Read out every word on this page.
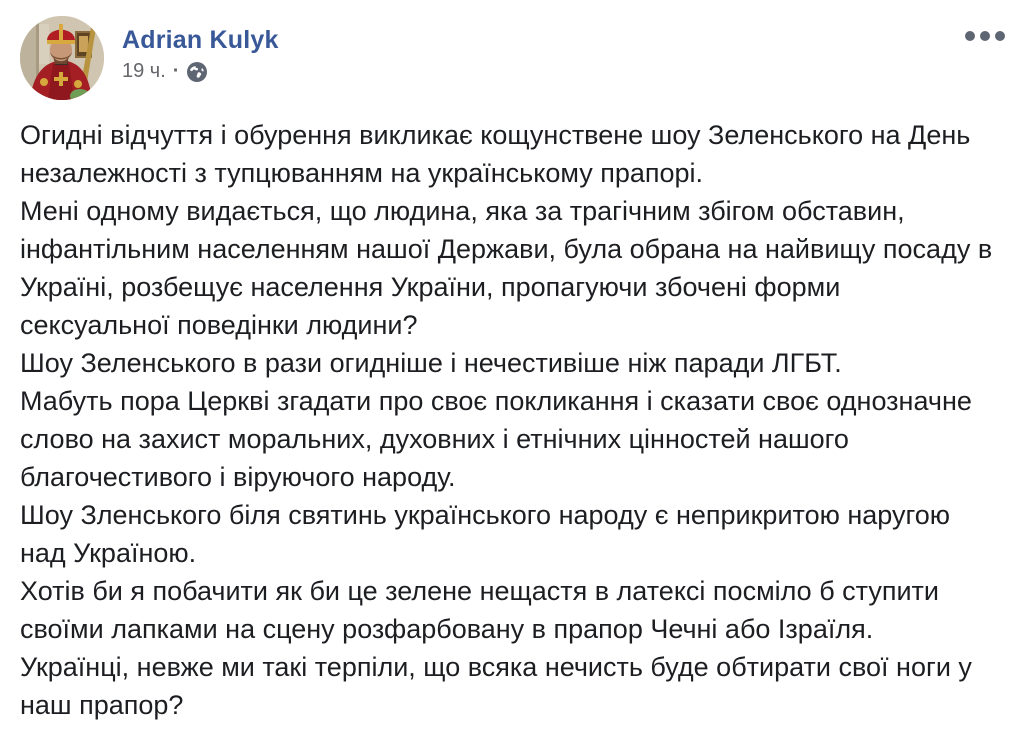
Adrian Kulyk
19 ч. ·
Огидні відчуття і обурення викликає кощунствене шоу Зеленського на День
незалежності з тупцюванням на українському прапорі.
Мені одному видається, що людина, яка за трагічним збігом обставин,
інфантільним населенням нашої Держави, була обрана на найвищу посаду в
Україні, розбещує населення України, пропагуючи збочені форми
сексуальної поведінки людини?
Шоу Зеленського в рази огидніше і нечестивіше ніж паради ЛГБТ.
Мабуть пора Церкві згадати про своє покликання і сказати своє однозначне
слово на захист моральних, духовних і етнічних цінностей нашого
благочестивого і віруючого народу.
Шоу Зленського біля святинь українського народу є неприкритою наругою
над Україною.
Хотів би я побачити як би це зелене нещастя в латексі посміло б ступити
своїми лапками на сцену розфарбовану в прапор Чечні або Ізраїля.
Українці, невже ми такі терпіли, що всяка нечисть буде обтирати свої ноги у
наш прапор?
